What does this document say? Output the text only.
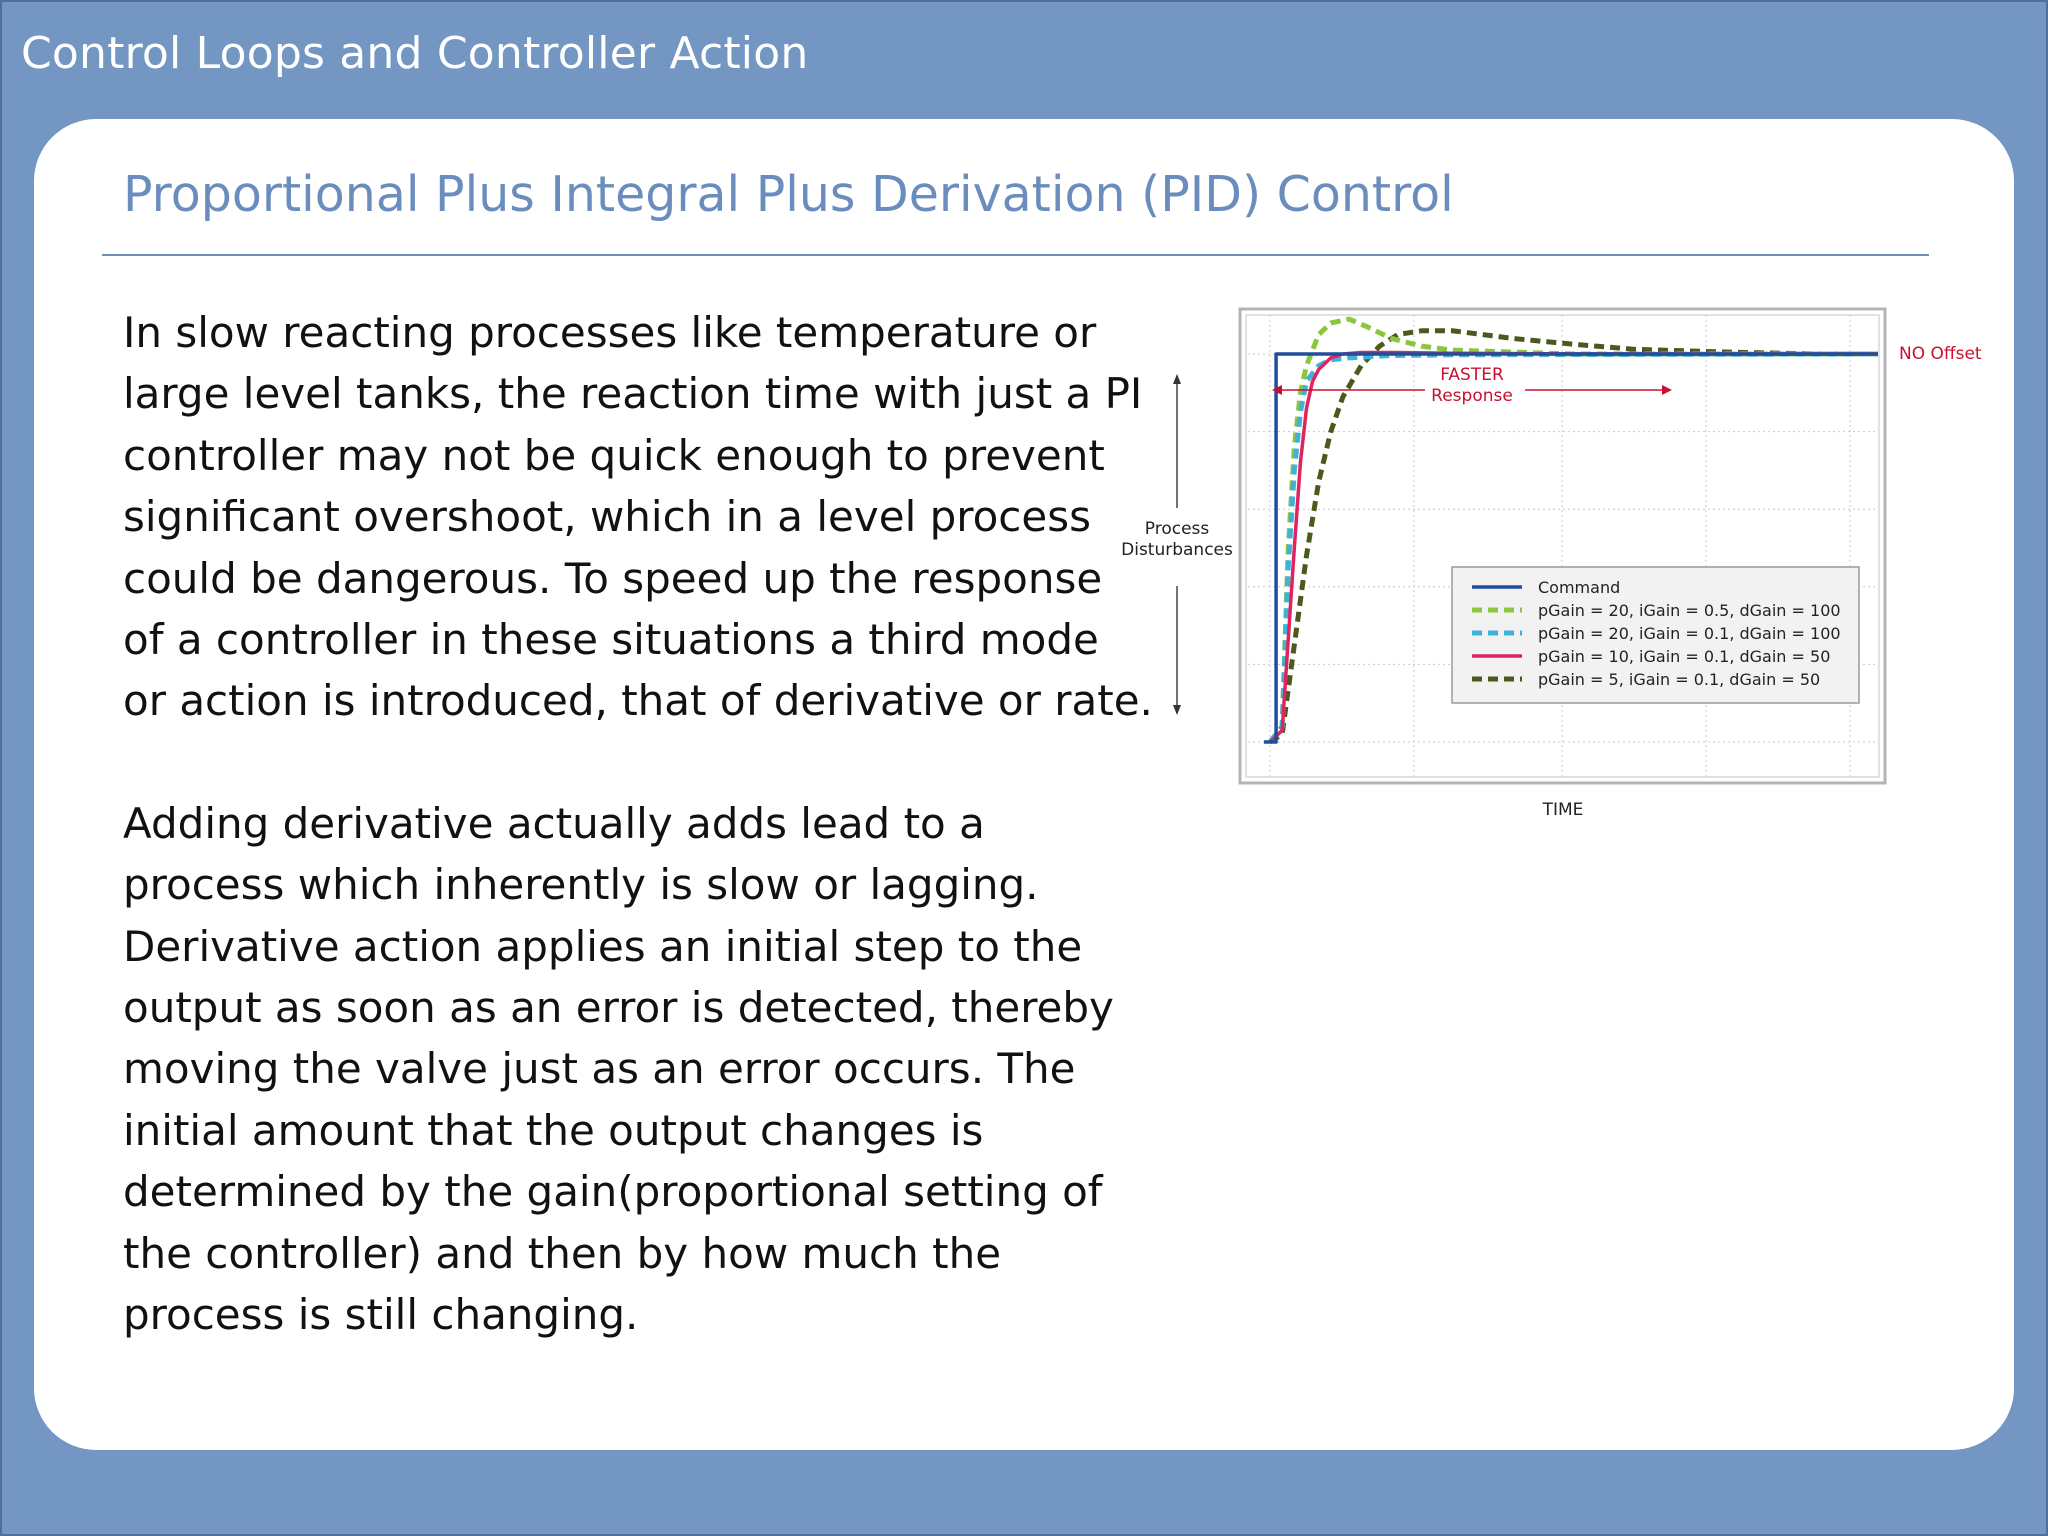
Control Loops and Controller Action
Proportional Plus Integral Plus Derivation (PID) Control

In slow reacting processes like temperature or large level tanks, the reaction time with just a PI controller may not be quick enough to prevent significant overshoot, which in a level process could be dangerous. To speed up the response of a controller in these situations a third mode or action is introduced, that of derivative or rate.

Adding derivative actually adds lead to a process which inherently is slow or lagging. Derivative action applies an initial step to the output as soon as an error is detected, thereby moving the valve just as an error occurs. The initial amount that the output changes is determined by the gain(proportional setting of the controller) and then by how much the process is still changing.

Process
Disturbances
FASTER
Response
NO Offset
Command
pGain = 20, iGain = 0.5, dGain = 100
pGain = 20, iGain = 0.1, dGain = 100
pGain = 10, iGain = 0.1, dGain = 50
pGain = 5, iGain = 0.1, dGain = 50
TIME
